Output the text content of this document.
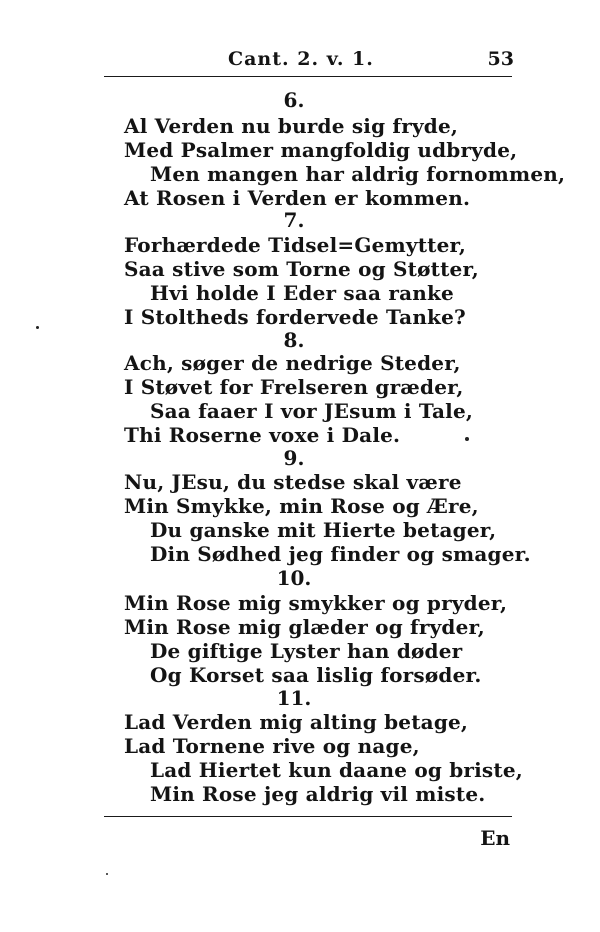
Cant. 2. v. 1.	53
6.
Al Verden nu burde sig fryde,
Med Psalmer mangfoldig udbryde,
Men mangen har aldrig fornommen,
At Rosen i Verden er kommen.
7.
Forhærdede Tidsel=Gemytter,
Saa stive som Torne og Støtter,
Hvi holde I Eder saa ranke
I Stoltheds fordervede Tanke?
8.
Ach, søger de nedrige Steder,
I Støvet for Frelseren græder,
Saa faaer I vor JEsum i Tale,
Thi Roserne voxe i Dale.
9.
Nu, JEsu, du stedse skal være
Min Smykke, min Rose og Ære,
Du ganske mit Hierte betager,
Din Sødhed jeg finder og smager.
10.
Min Rose mig smykker og pryder,
Min Rose mig glæder og fryder,
De giftige Lyster han døder
Og Korset saa lislig forsøder.
11.
Lad Verden mig alting betage,
Lad Tornene rive og nage,
Lad Hiertet kun daane og briste,
Min Rose jeg aldrig vil miste.
En
